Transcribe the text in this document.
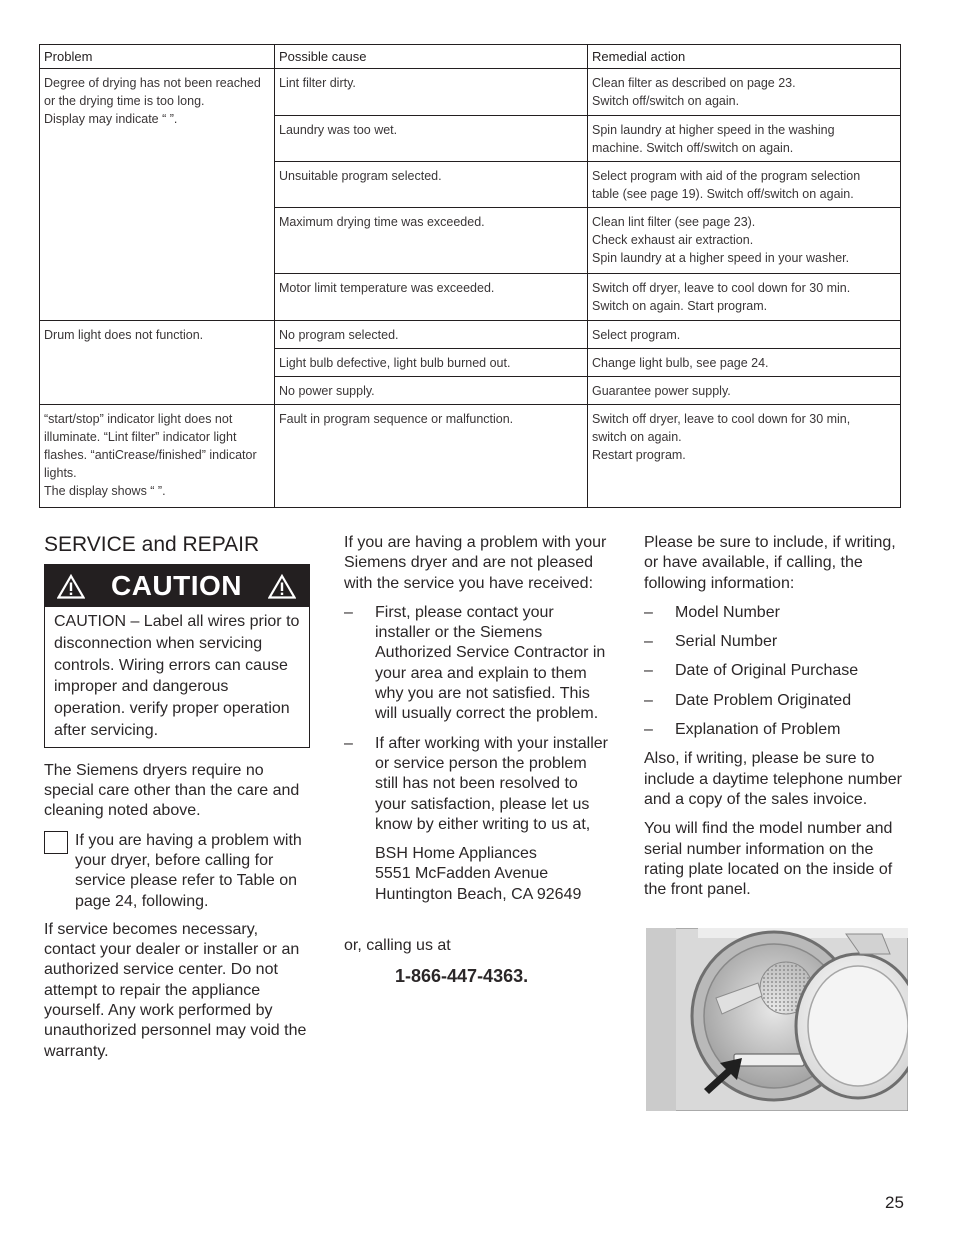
Problem	Possible cause	Remedial action

Degree of drying has not been reached
or the drying time is too long.
Display may indicate “ ”.	Lint filter dirty.	Clean filter as described on page 23.
Switch off/switch on again.

	Laundry was too wet.	Spin laundry at higher speed in the washing
machine. Switch off/switch on again.

	Unsuitable program selected.	Select program with aid of the program selection
table (see page 19). Switch off/switch on again.

	Maximum drying time was exceeded.	Clean lint filter (see page 23).
Check exhaust air extraction.
Spin laundry at a higher speed in your washer.

	Motor limit temperature was exceeded.	Switch off dryer, leave to cool down for 30 min.
Switch on again. Start program.

Drum light does not function.	No program selected.	Select program.

	Light bulb defective, light bulb burned out.	Change light bulb, see page 24.

	No power supply.	Guarantee power supply.

“start/stop” indicator light does not
illuminate. “Lint filter” indicator light
flashes. “antiCrease/finished” indicator
lights.
The display shows “ ”.	Fault in program sequence or malfunction.	Switch off dryer, leave to cool down for 30 min,
switch on again.
Restart program.
SERVICE and REPAIR
CAUTION
CAUTION – Label all wires prior to disconnection when servicing controls. Wiring errors can cause improper and dangerous operation. verify proper operation after servicing.

The Siemens dryers require no special care other than the care and cleaning noted above.

If you are having a problem with your dryer, before calling for service please refer to Table on page 24, following.

If service becomes necessary, contact your dealer or installer or an authorized service center. Do not attempt to repair the appliance yourself. Any work performed by unauthorized personnel may void the warranty.

If you are having a problem with your Siemens dryer and are not pleased with the service you have received:

– First, please contact your installer or the Siemens Authorized Service Contractor in your area and explain to them why you are not satisfied. This will usually correct the problem.

– If after working with your installer or service person the problem still has not been resolved to your satisfaction, please let us know by either writing to us at,

BSH Home Appliances
5551 McFadden Avenue
Huntington Beach, CA 92649

or, calling us at

1-866-447-4363.

Please be sure to include, if writing, or have available, if calling, the following information:

– Model Number

– Serial Number

– Date of Original Purchase

– Date Problem Originated

– Explanation of Problem

Also, if writing, please be sure to include a daytime telephone number and a copy of the sales invoice.

You will find the model number and serial number information on the rating plate located on the inside of the front panel.

25
